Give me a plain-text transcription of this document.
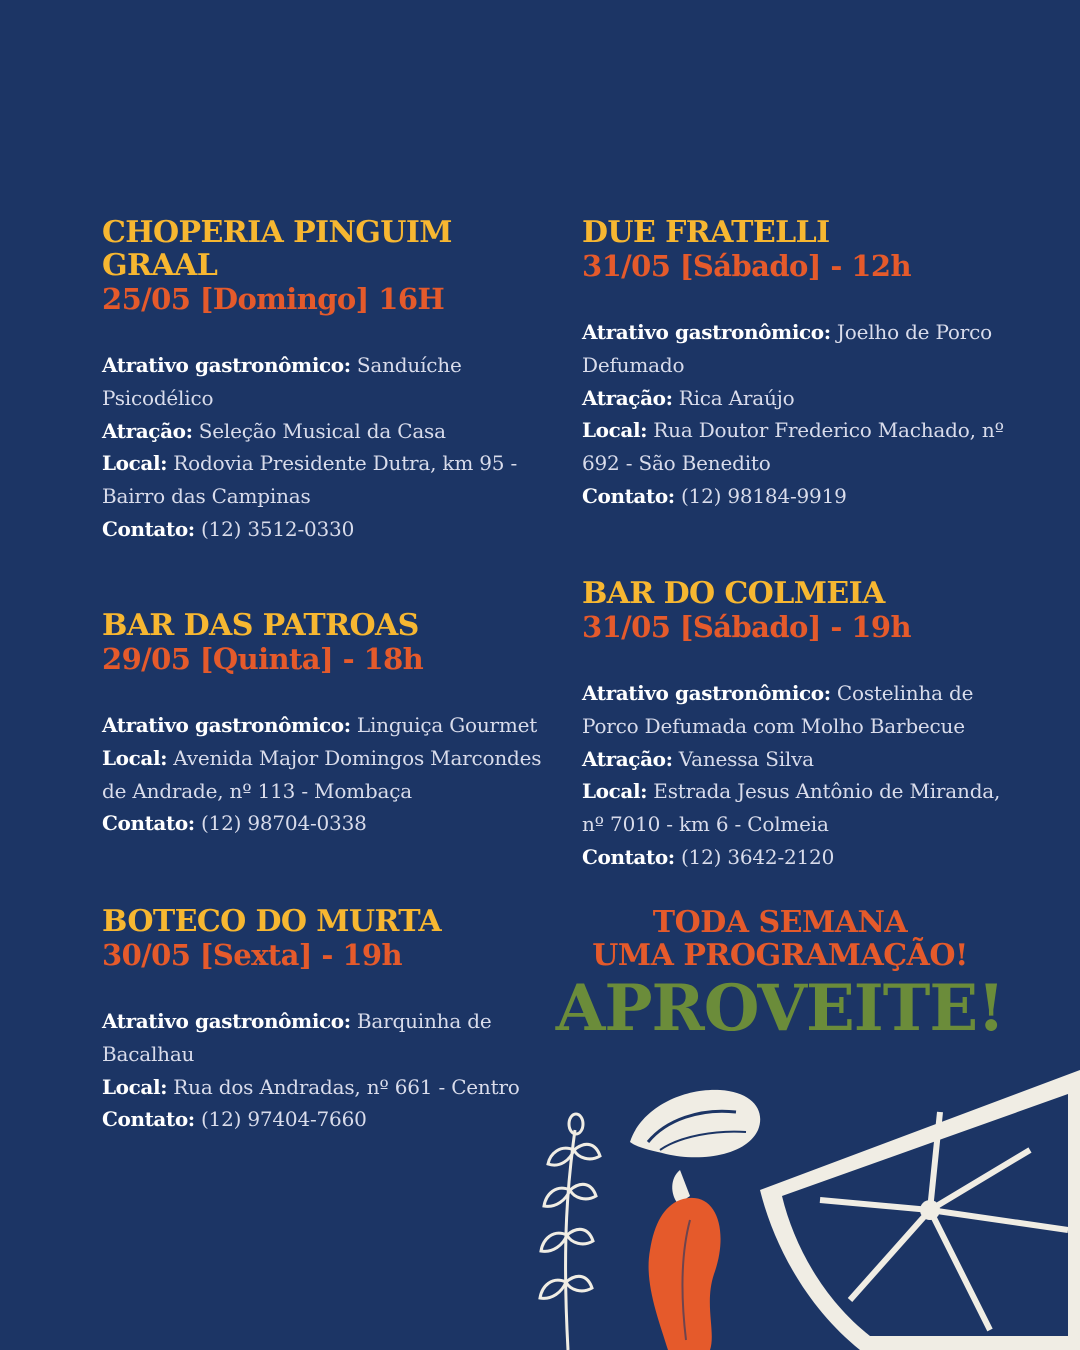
CHOPERIA PINGUIM GRAAL
25/05 [Domingo] 16H
Atrativo gastronômico: Sanduíche Psicodélico
Atração: Seleção Musical da Casa
Local: Rodovia Presidente Dutra, km 95 - Bairro das Campinas
Contato: (12) 3512-0330
DUE FRATELLI
31/05 [Sábado] - 12h
Atrativo gastronômico: Joelho de Porco Defumado
Atração: Rica Araújo
Local: Rua Doutor Frederico Machado, nº 692 - São Benedito
Contato: (12) 98184-9919
BAR DAS PATROAS
29/05 [Quinta] - 18h
Atrativo gastronômico: Linguiça Gourmet
Local: Avenida Major Domingos Marcondes de Andrade, nº 113 - Mombaça
Contato: (12) 98704-0338
BAR DO COLMEIA
31/05 [Sábado] - 19h
Atrativo gastronômico: Costelinha de Porco Defumada com Molho Barbecue
Atração: Vanessa Silva
Local: Estrada Jesus Antônio de Miranda, nº 7010 - km 6 - Colmeia
Contato: (12) 3642-2120
BOTECO DO MURTA
30/05 [Sexta] - 19h
Atrativo gastronômico: Barquinha de Bacalhau
Local: Rua dos Andradas, nº 661 - Centro
Contato: (12) 97404-7660
TODA SEMANA
UMA PROGRAMAÇÃO!
APROVEITE!
